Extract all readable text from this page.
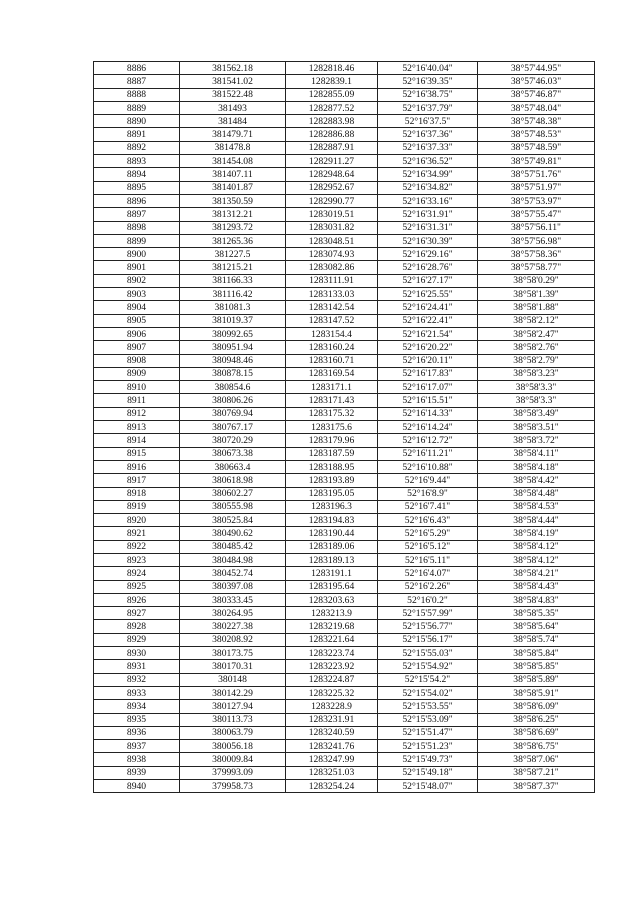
8886	381562.18	1282818.46	52°16'40.04"	38°57'44.95"
8887	381541.02	1282839.1	52°16'39.35"	38°57'46.03"
8888	381522.48	1282855.09	52°16'38.75"	38°57'46.87"
8889	381493	1282877.52	52°16'37.79"	38°57'48.04"
8890	381484	1282883.98	52°16'37.5"	38°57'48.38"
8891	381479.71	1282886.88	52°16'37.36"	38°57'48.53"
8892	381478.8	1282887.91	52°16'37.33"	38°57'48.59"
8893	381454.08	1282911.27	52°16'36.52"	38°57'49.81"
8894	381407.11	1282948.64	52°16'34.99"	38°57'51.76"
8895	381401.87	1282952.67	52°16'34.82"	38°57'51.97"
8896	381350.59	1282990.77	52°16'33.16"	38°57'53.97"
8897	381312.21	1283019.51	52°16'31.91"	38°57'55.47"
8898	381293.72	1283031.82	52°16'31.31"	38°57'56.11"
8899	381265.36	1283048.51	52°16'30.39"	38°57'56.98"
8900	381227.5	1283074.93	52°16'29.16"	38°57'58.36"
8901	381215.21	1283082.86	52°16'28.76"	38°57'58.77"
8902	381166.33	1283111.91	52°16'27.17"	38°58'0.29"
8903	381116.42	1283133.03	52°16'25.55"	38°58'1.39"
8904	381081.3	1283142.54	52°16'24.41"	38°58'1.88"
8905	381019.37	1283147.52	52°16'22.41"	38°58'2.12"
8906	380992.65	1283154.4	52°16'21.54"	38°58'2.47"
8907	380951.94	1283160.24	52°16'20.22"	38°58'2.76"
8908	380948.46	1283160.71	52°16'20.11"	38°58'2.79"
8909	380878.15	1283169.54	52°16'17.83"	38°58'3.23"
8910	380854.6	1283171.1	52°16'17.07"	38°58'3.3"
8911	380806.26	1283171.43	52°16'15.51"	38°58'3.3"
8912	380769.94	1283175.32	52°16'14.33"	38°58'3.49"
8913	380767.17	1283175.6	52°16'14.24"	38°58'3.51"
8914	380720.29	1283179.96	52°16'12.72"	38°58'3.72"
8915	380673.38	1283187.59	52°16'11.21"	38°58'4.11"
8916	380663.4	1283188.95	52°16'10.88"	38°58'4.18"
8917	380618.98	1283193.89	52°16'9.44"	38°58'4.42"
8918	380602.27	1283195.05	52°16'8.9"	38°58'4.48"
8919	380555.98	1283196.3	52°16'7.41"	38°58'4.53"
8920	380525.84	1283194.83	52°16'6.43"	38°58'4.44"
8921	380490.62	1283190.44	52°16'5.29"	38°58'4.19"
8922	380485.42	1283189.06	52°16'5.12"	38°58'4.12"
8923	380484.98	1283189.13	52°16'5.11"	38°58'4.12"
8924	380452.74	1283191.1	52°16'4.07"	38°58'4.21"
8925	380397.08	1283195.64	52°16'2.26"	38°58'4.43"
8926	380333.45	1283203.63	52°16'0.2"	38°58'4.83"
8927	380264.95	1283213.9	52°15'57.99"	38°58'5.35"
8928	380227.38	1283219.68	52°15'56.77"	38°58'5.64"
8929	380208.92	1283221.64	52°15'56.17"	38°58'5.74"
8930	380173.75	1283223.74	52°15'55.03"	38°58'5.84"
8931	380170.31	1283223.92	52°15'54.92"	38°58'5.85"
8932	380148	1283224.87	52°15'54.2"	38°58'5.89"
8933	380142.29	1283225.32	52°15'54.02"	38°58'5.91"
8934	380127.94	1283228.9	52°15'53.55"	38°58'6.09"
8935	380113.73	1283231.91	52°15'53.09"	38°58'6.25"
8936	380063.79	1283240.59	52°15'51.47"	38°58'6.69"
8937	380056.18	1283241.76	52°15'51.23"	38°58'6.75"
8938	380009.84	1283247.99	52°15'49.73"	38°58'7.06"
8939	379993.09	1283251.03	52°15'49.18"	38°58'7.21"
8940	379958.73	1283254.24	52°15'48.07"	38°58'7.37"
